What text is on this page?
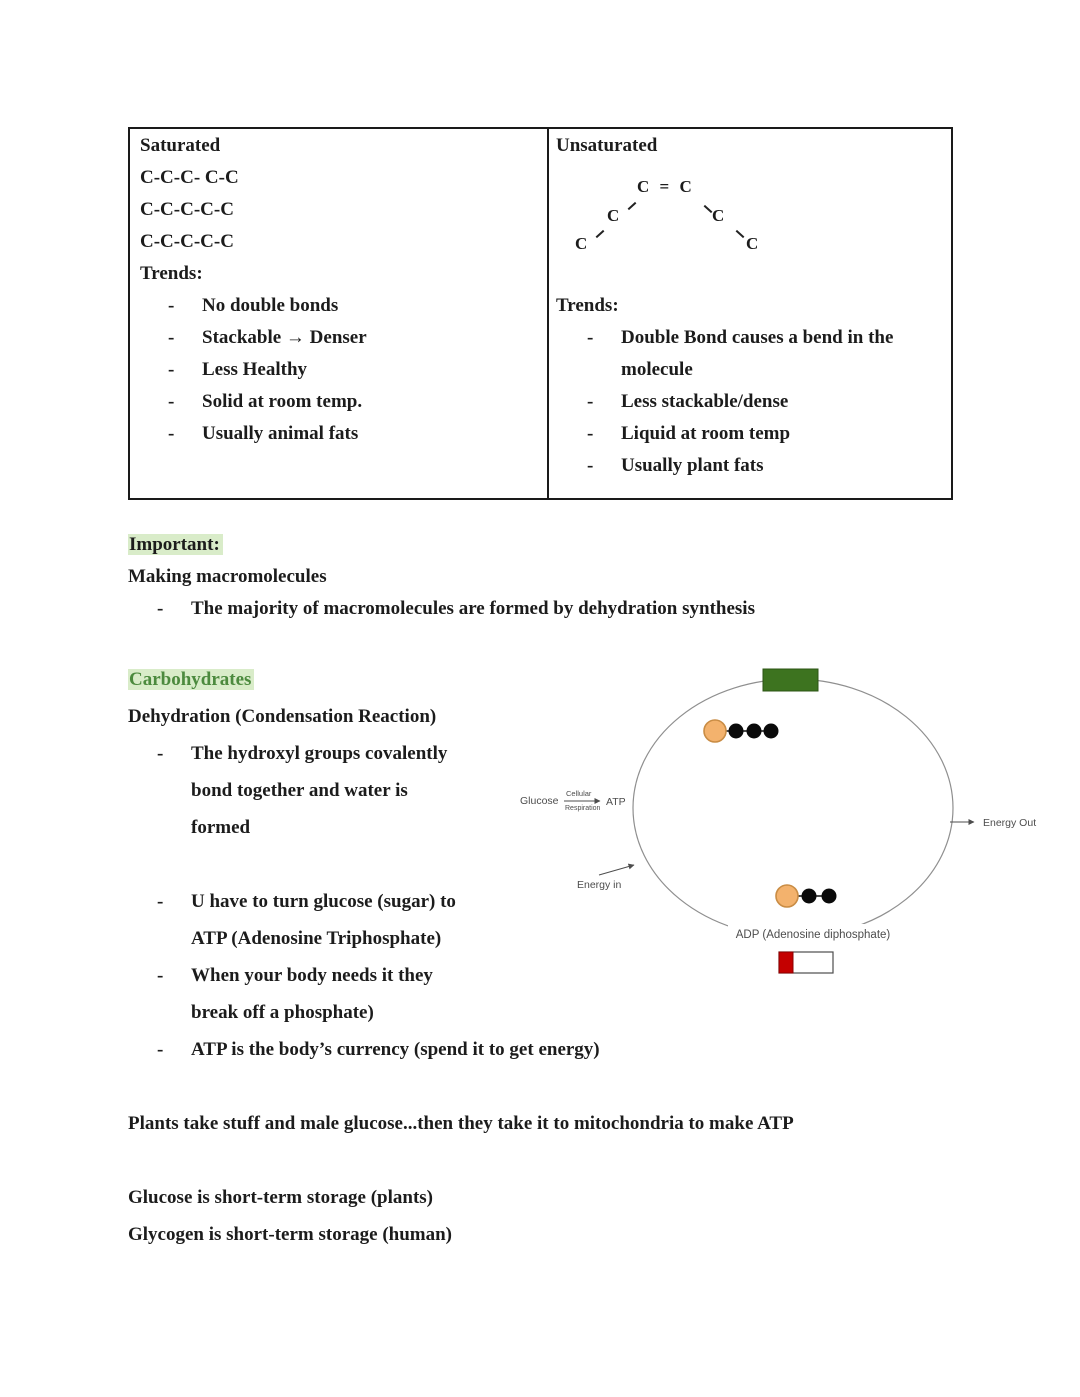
Saturated
C-C-C- C-C
C-C-C-C-C
C-C-C-C-C
Trends:
-	No double bonds
-	Stackable → Denser
-	Less Healthy
-	Solid at room temp.
-	Usually animal fats
Unsaturated
C = C
C	C
C	C
Trends:
-	Double Bond causes a bend in the
molecule
-	Less stackable/dense
-	Liquid at room temp
-	Usually plant fats
Important:
Making macromolecules
-	The majority of macromolecules are formed by dehydration synthesis
Carbohydrates
Dehydration (Condensation Reaction)
-	The hydroxyl groups covalently
bond together and water is
formed
-	U have to turn glucose (sugar) to
ATP (Adenosine Triphosphate)
-	When your body needs it they
break off a phosphate)
-	ATP is the body’s currency (spend it to get energy)
Plants take stuff and male glucose...then they take it to mitochondria to make ATP
Glucose is short-term storage (plants)
Glycogen is short-term storage (human)
Glucose
Cellular
Respiration
ATP
Energy Out
Energy in
ADP (Adenosine diphosphate)
